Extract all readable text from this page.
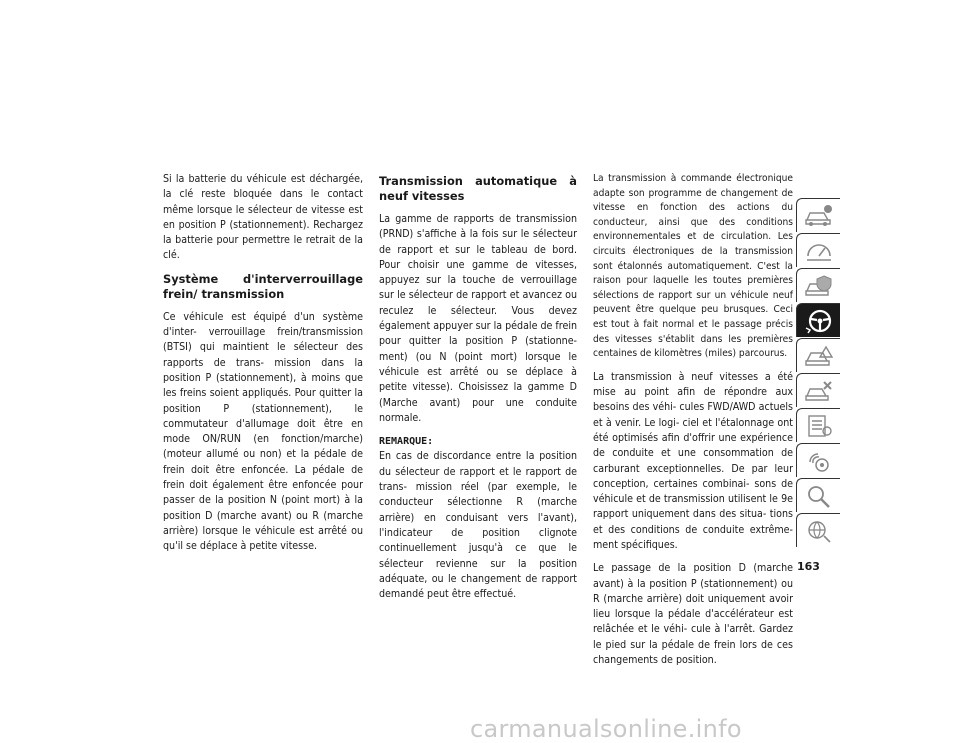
Si la batterie du véhicule est déchargée, la clé reste bloquée dans le contact même lorsque le sélecteur de vitesse est en position P (stationnement). Rechargez la batterie pour permettre le retrait de la clé.

Système d'interverrouillage frein/ transmission

Ce véhicule est équipé d'un système d'inter- verrouillage frein/transmission (BTSI) qui maintient le sélecteur des rapports de trans- mission dans la position P (stationnement), à moins que les freins soient appliqués. Pour quitter la position P (stationnement), le commutateur d'allumage doit être en mode ON/RUN (en fonction/marche) (moteur allumé ou non) et la pédale de frein doit être enfoncée. La pédale de frein doit également être enfoncée pour passer de la position N (point mort) à la position D (marche avant) ou R (marche arrière) lorsque le véhicule est arrêté ou qu'il se déplace à petite vitesse.

Transmission automatique à neuf vitesses

La gamme de rapports de transmission (PRND) s'affiche à la fois sur le sélecteur de rapport et sur le tableau de bord. Pour choisir une gamme de vitesses, appuyez sur la touche de verrouillage sur le sélecteur de rapport et avancez ou reculez le sélecteur. Vous devez également appuyer sur la pédale de frein pour quitter la position P (stationne- ment) (ou N (point mort) lorsque le véhicule est arrêté ou se déplace à petite vitesse). Choisissez la gamme D (Marche avant) pour une conduite normale.

REMARQUE:

En cas de discordance entre la position du sélecteur de rapport et le rapport de trans- mission réel (par exemple, le conducteur sélectionne R (marche arrière) en conduisant vers l'avant), l'indicateur de position clignote continuellement jusqu'à ce que le sélecteur revienne sur la position adéquate, ou le changement de rapport demandé peut être effectué.

La transmission à commande électronique adapte son programme de changement de vitesse en fonction des actions du conducteur, ainsi que des conditions environnementales et de circulation. Les circuits électroniques de la transmission sont étalonnés automatiquement. C'est la raison pour laquelle les toutes premières sélections de rapport sur un véhicule neuf peuvent être quelque peu brusques. Ceci est tout à fait normal et le passage précis des vitesses s'établit dans les premières centaines de kilomètres (miles) parcourus.

La transmission à neuf vitesses a été mise au point afin de répondre aux besoins des véhi- cules FWD/AWD actuels et à venir. Le logi- ciel et l'étalonnage ont été optimisés afin d'offrir une expérience de conduite et une consommation de carburant exceptionnelles. De par leur conception, certaines combinai- sons de véhicule et de transmission utilisent le 9e rapport uniquement dans des situa- tions et des conditions de conduite extrême- ment spécifiques.

Le passage de la position D (marche avant) à la position P (stationnement) ou R (marche arrière) doit uniquement avoir lieu lorsque la pédale d'accélérateur est relâchée et le véhi- cule à l'arrêt. Gardez le pied sur la pédale de frein lors de ces changements de position.

163
carmanualsonline.info
